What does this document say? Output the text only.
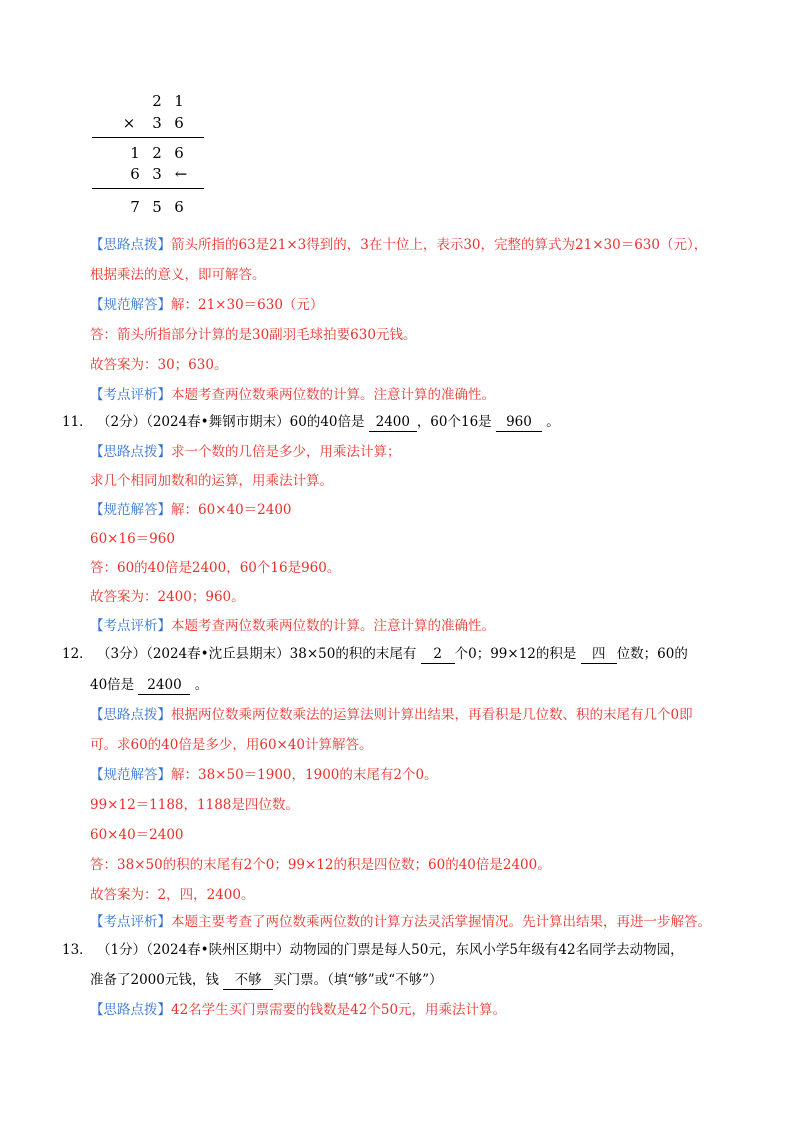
2 1
× 3 6
1 2 6
6 3 ←
7 5 6
【思路点拨】箭头所指的63是21×3得到的，3在十位上，表示30，完整的算式为21×30＝630（元），
根据乘法的意义，即可解答。
【规范解答】解：21×30＝630（元）
答：箭头所指部分计算的是30副羽毛球拍要630元钱。
故答案为：30；630。
【考点评析】本题考查两位数乘两位数的计算。注意计算的准确性。
11． （2分）（2024春•舞钢市期末）60的40倍是 2400 ，60个16是 960 。
【思路点拨】求一个数的几倍是多少，用乘法计算；
求几个相同加数和的运算，用乘法计算。
【规范解答】解：60×40＝2400
60×16＝960
答：60的40倍是2400，60个16是960。
故答案为：2400；960。
【考点评析】本题考查两位数乘两位数的计算。注意计算的准确性。
12． （3分）（2024春•沈丘县期末）38×50的积的末尾有 2 个0；99×12的积是 四 位数；60的
40倍是 2400 。
【思路点拨】根据两位数乘两位数乘法的运算法则计算出结果，再看积是几位数、积的末尾有几个0即
可。求60的40倍是多少，用60×40计算解答。
【规范解答】解：38×50＝1900，1900的末尾有2个0。
99×12＝1188，1188是四位数。
60×40＝2400
答：38×50的积的末尾有2个0；99×12的积是四位数；60的40倍是2400。
故答案为：2，四，2400。
【考点评析】本题主要考查了两位数乘两位数的计算方法灵活掌握情况。先计算出结果，再进一步解答。
13． （1分）（2024春•陕州区期中）动物园的门票是每人50元，东风小学5年级有42名同学去动物园，
准备了2000元钱，钱 不够 买门票。（填“够”或“不够”）
【思路点拨】42名学生买门票需要的钱数是42个50元，用乘法计算。
